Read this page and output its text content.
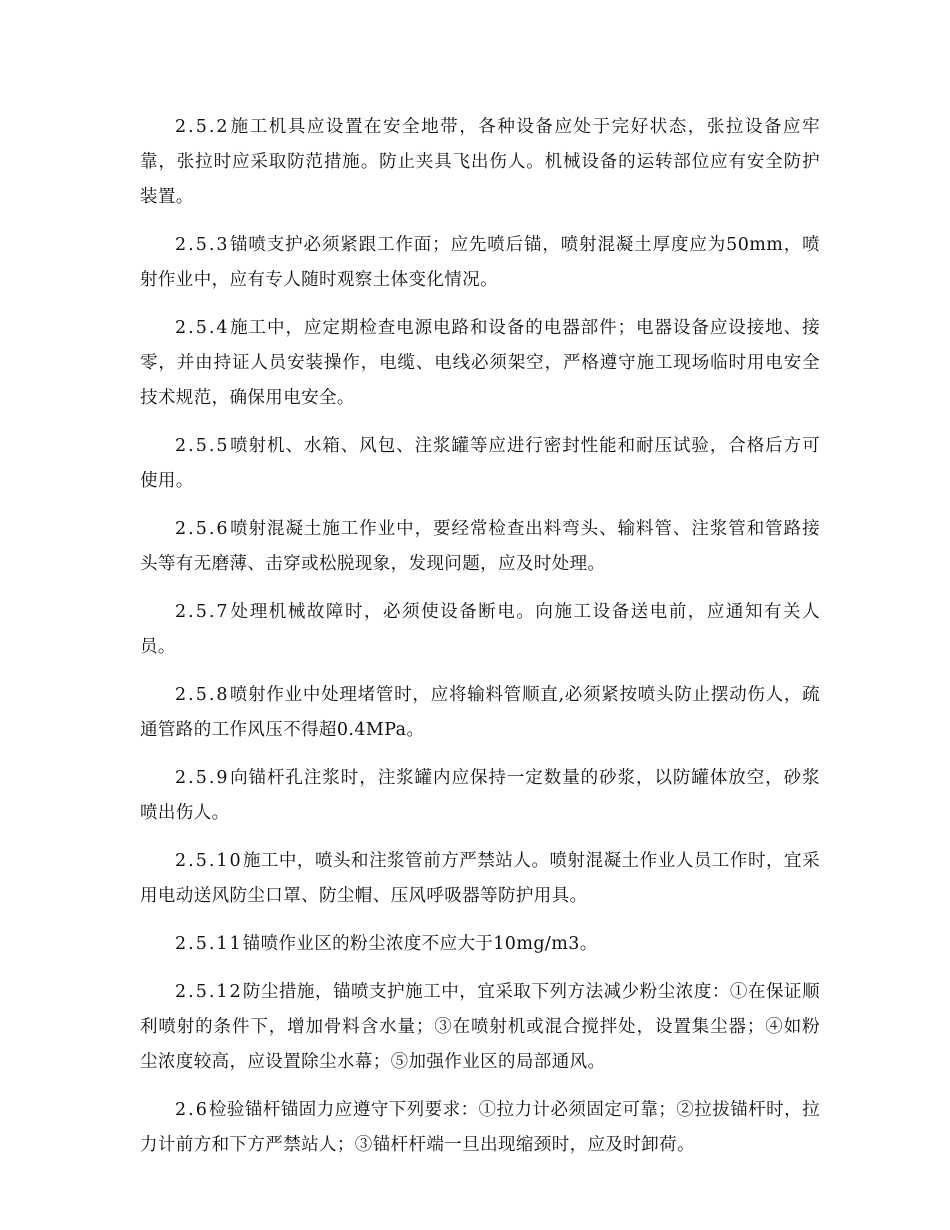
2.5.2施工机具应设置在安全地带，各种设备应处于完好状态，张拉设备应牢靠，张拉时应采取防范措施。防止夹具飞出伤人。机械设备的运转部位应有安全防护装置。

2.5.3锚喷支护必须紧跟工作面；应先喷后锚，喷射混凝土厚度应为50mm，喷射作业中，应有专人随时观察土体变化情况。

2.5.4施工中，应定期检查电源电路和设备的电器部件；电器设备应设接地、接零，并由持证人员安装操作，电缆、电线必须架空，严格遵守施工现场临时用电安全技术规范，确保用电安全。

2.5.5喷射机、水箱、风包、注浆罐等应进行密封性能和耐压试验，合格后方可使用。

2.5.6喷射混凝土施工作业中，要经常检查出料弯头、输料管、注浆管和管路接头等有无磨薄、击穿或松脱现象，发现问题，应及时处理。

2.5.7处理机械故障时，必须使设备断电。向施工设备送电前，应通知有关人员。

2.5.8喷射作业中处理堵管时，应将输料管顺直,必须紧按喷头防止摆动伤人，疏通管路的工作风压不得超0.4MPa。

2.5.9向锚杆孔注浆时，注浆罐内应保持一定数量的砂浆，以防罐体放空，砂浆喷出伤人。

2.5.10施工中，喷头和注浆管前方严禁站人。喷射混凝土作业人员工作时，宜采用电动送风防尘口罩、防尘帽、压风呼吸器等防护用具。

2.5.11锚喷作业区的粉尘浓度不应大于10mg/m3。

2.5.12防尘措施，锚喷支护施工中，宜采取下列方法减少粉尘浓度：①在保证顺利喷射的条件下，增加骨料含水量；③在喷射机或混合搅拌处，设置集尘器；④如粉尘浓度较高，应设置除尘水幕；⑤加强作业区的局部通风。

2.6检验锚杆锚固力应遵守下列要求：①拉力计必须固定可靠；②拉拔锚杆时，拉力计前方和下方严禁站人；③锚杆杆端一旦出现缩颈时，应及时卸荷。
